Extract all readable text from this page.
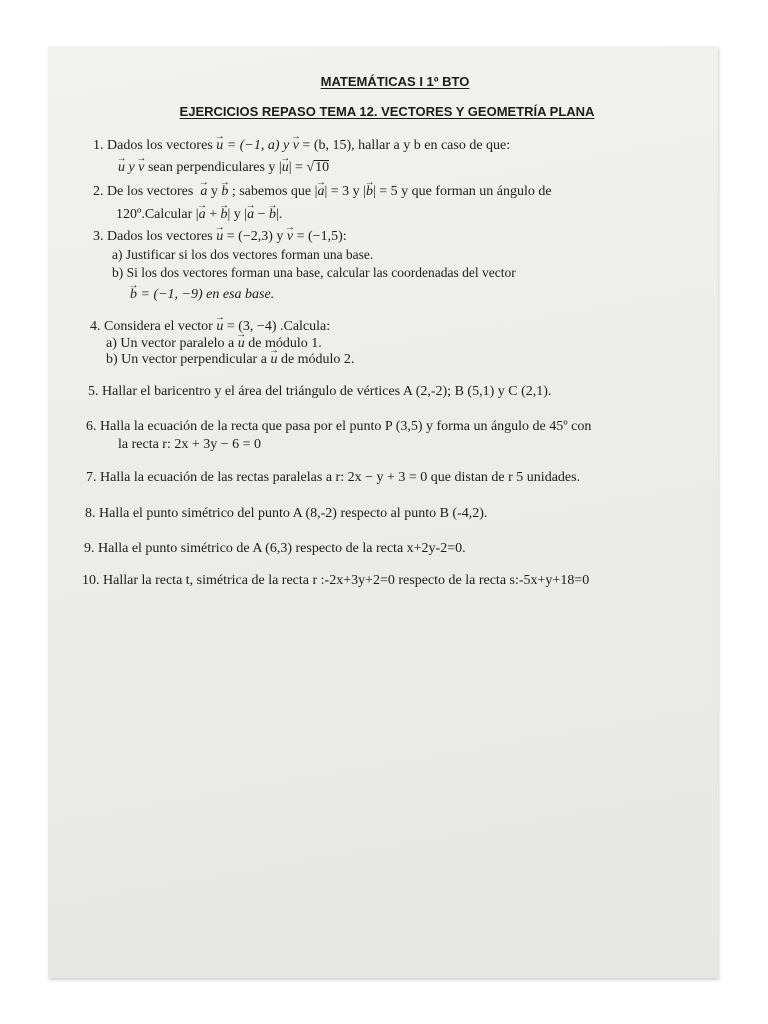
MATEMÁTICAS I 1º BTO
EJERCICIOS REPASO TEMA 12. VECTORES Y GEOMETRÍA PLANA
1. Dados los vectores → u = (−1, a) y → v = (b, 15), hallar a y b en caso de que:
→ u y → v sean perpendiculares y |→ u| = √10
2. De los vectores → a y → b ; sabemos que |→ a| = 3 y |→ b| = 5 y que forman un ángulo de
120º.Calcular |→ a + → b| y |→ a − → b|.
3. Dados los vectores → u = (−2,3) y → v = (−1,5):
a) Justificar si los dos vectores forman una base.
b) Si los dos vectores forman una base, calcular las coordenadas del vector
→ b = (−1, −9) en esa base.
4. Considera el vector → u = (3, −4) .Calcula:
a) Un vector paralelo a → u de módulo 1.
b) Un vector perpendicular a → u de módulo 2.
5. Hallar el baricentro y el área del triángulo de vértices A (2,-2); B (5,1) y C (2,1).
6. Halla la ecuación de la recta que pasa por el punto P (3,5) y forma un ángulo de 45º con
la recta r: 2x + 3y − 6 = 0
7. Halla la ecuación de las rectas paralelas a r: 2x − y + 3 = 0 que distan de r 5 unidades.
8. Halla el punto simétrico del punto A (8,-2) respecto al punto B (-4,2).
9. Halla el punto simétrico de A (6,3) respecto de la recta x+2y-2=0.
10. Hallar la recta t, simétrica de la recta r :-2x+3y+2=0 respecto de la recta s:-5x+y+18=0
